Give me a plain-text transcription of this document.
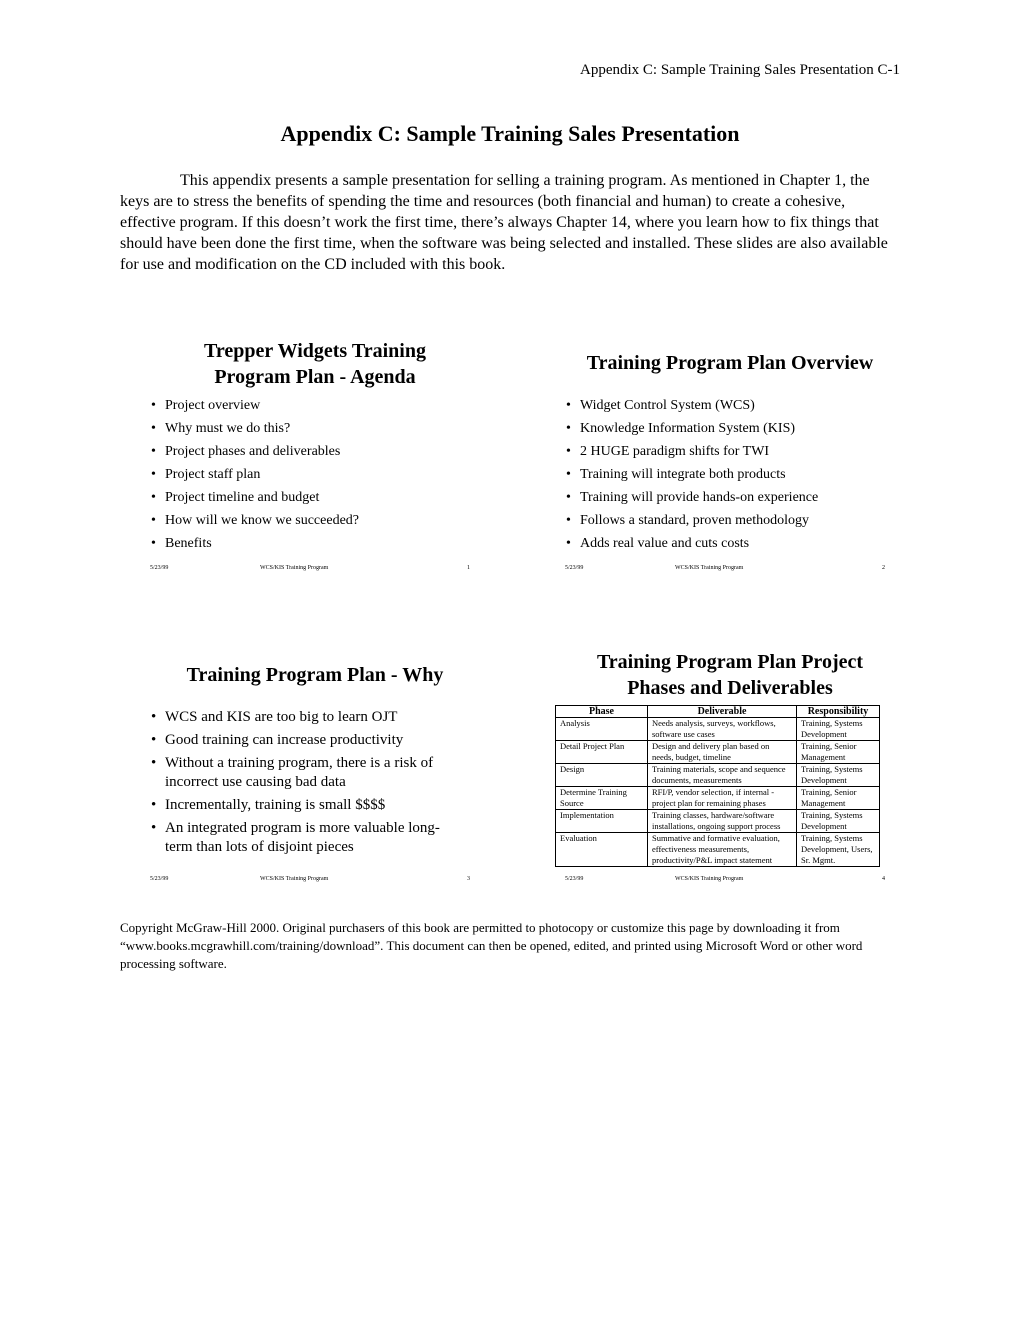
Appendix C: Sample Training Sales Presentation C-1
Appendix C: Sample Training Sales Presentation

This appendix presents a sample presentation for selling a training program. As mentioned in Chapter 1, the keys are to stress the benefits of spending the time and resources (both financial and human) to create a cohesive, effective program. If this doesn’t work the first time, there’s always Chapter 14, where you learn how to fix things that should have been done the first time, when the software was being selected and installed. These slides are also available for use and modification on the CD included with this book.

Trepper Widgets Training
Program Plan - Agenda
• Project overview
• Why must we do this?
• Project phases and deliverables
• Project staff plan
• Project timeline and budget
• How will we know we succeeded?
• Benefits
5/23/99	WCS/KIS Training Program	1
Training Program Plan Overview
• Widget Control System (WCS)
• Knowledge Information System (KIS)
• 2 HUGE paradigm shifts for TWI
• Training will integrate both products
• Training will provide hands-on experience
• Follows a standard, proven methodology
• Adds real value and cuts costs
5/23/99	WCS/KIS Training Program	2
Training Program Plan - Why
• WCS and KIS are too big to learn OJT
• Good training can increase productivity
• Without a training program, there is a risk of incorrect use causing bad data
• Incrementally, training is small $$$$
• An integrated program is more valuable long-term than lots of disjoint pieces
5/23/99	WCS/KIS Training Program	3
Training Program Plan Project
Phases and Deliverables
Phase	Deliverable	Responsibility
Analysis	Needs analysis, surveys, workflows, software use cases	Training, Systems Development
Detail Project Plan	Design and delivery plan based on needs, budget, timeline	Training, Senior Management
Design	Training materials, scope and sequence documents, measurements	Training, Systems Development
Determine Training Source	RFI/P, vendor selection, if internal - project plan for remaining phases	Training, Senior Management
Implementation	Training classes, hardware/software installations, ongoing support process	Training, Systems Development
Evaluation	Summative and formative evaluation, effectiveness measurements, productivity/P&L impact statement	Training, Systems Development, Users, Sr. Mgmt.
5/23/99	WCS/KIS Training Program	4

Copyright McGraw-Hill 2000. Original purchasers of this book are permitted to photocopy or customize this page by downloading it from “www.books.mcgrawhill.com/training/download”. This document can then be opened, edited, and printed using Microsoft Word or other word processing software.
